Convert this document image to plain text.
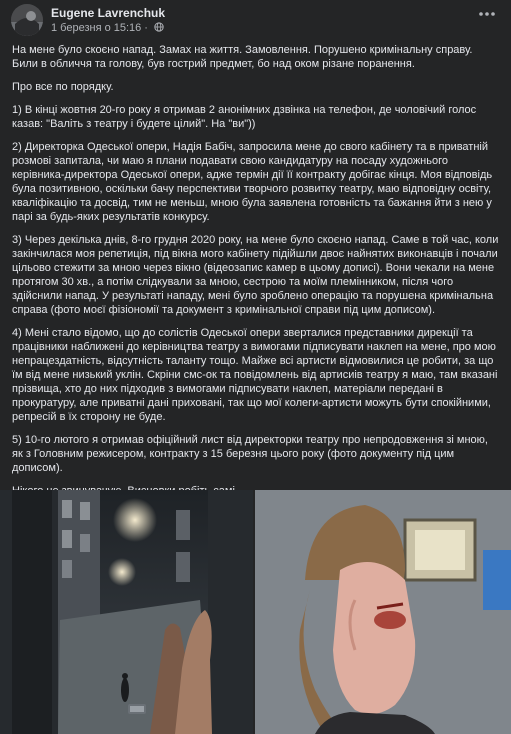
Eugene Lavrenchuk
1 березня о 15:16 ·

На мене було скоєно напад. Замах на життя. Замовлення. Порушено кримінальну справу. Били в обличчя та голову, був гострий предмет, бо над оком різане поранення.

Про все по порядку.

1) В кінці жовтня 20-го року я отримав 2 анонімних дзвінка на телефон, де чоловічий голос казав: "Валіть з театру і будете цілий". На "ви"))

2) Директорка Одеської опери, Надія Бабіч, запросила мене до свого кабінету та в приватній розмові запитала, чи маю я плани подавати свою кандидатуру на посаду художнього керівника-директора Одеської опери, адже термін дії її контракту добігає кінця. Моя відповідь була позитивною, оскільки бачу перспективи творчого розвитку театру, маю відповідну освіту, кваліфікацію та досвід, тим не меньш, мною була заявлена готовність та бажання йти з нею у парі за будь-яких результатів конкурсу.

3) Через декілька днів, 8-го грудня 2020 року, на мене було скоєно напад. Саме в той час, коли закінчилася моя репетиція, під вікна мого кабінету підійшли двоє найнятих виконавців і почали цільово стежити за мною через вікно (відеозапис камер в цьому дописі). Вони чекали на мене протягом 30 хв., а потім слідкували за мною, сестрою та моїм племінником, після чого здійснили напад. У результаті нападу, мені було зроблено операцію та порушена кримінальна справа (фото моєї фізіономії та документ з кримінальної справи під цим дописом).

4) Мені стало відомо, що до солістів Одеської опери зверталися представники дирекції та працівники наближені до керівництва театру з вимогами підписувати наклеп на мене, про мою непрацездатність, відсутність таланту тощо. Майже всі артисти відмовилися це робити, за що їм від мене низький уклін. Скріни смс-ок та повідомлень від артисиів театру я маю, там вказані прізвища, хто до них підходив з вимогами підписувати наклеп, матеріали передані в прокуратуру, але приватні дані приховані, так що мої колеги-артисти можуть бути спокійними, репресій в їх сторону не буде.

5) 10-го лютого я отримав офіційний лист від директорки театру про непродовження зі мною, як з Головним режисером, контракту з 15 березня цього року (фото документу під цим дописом).
